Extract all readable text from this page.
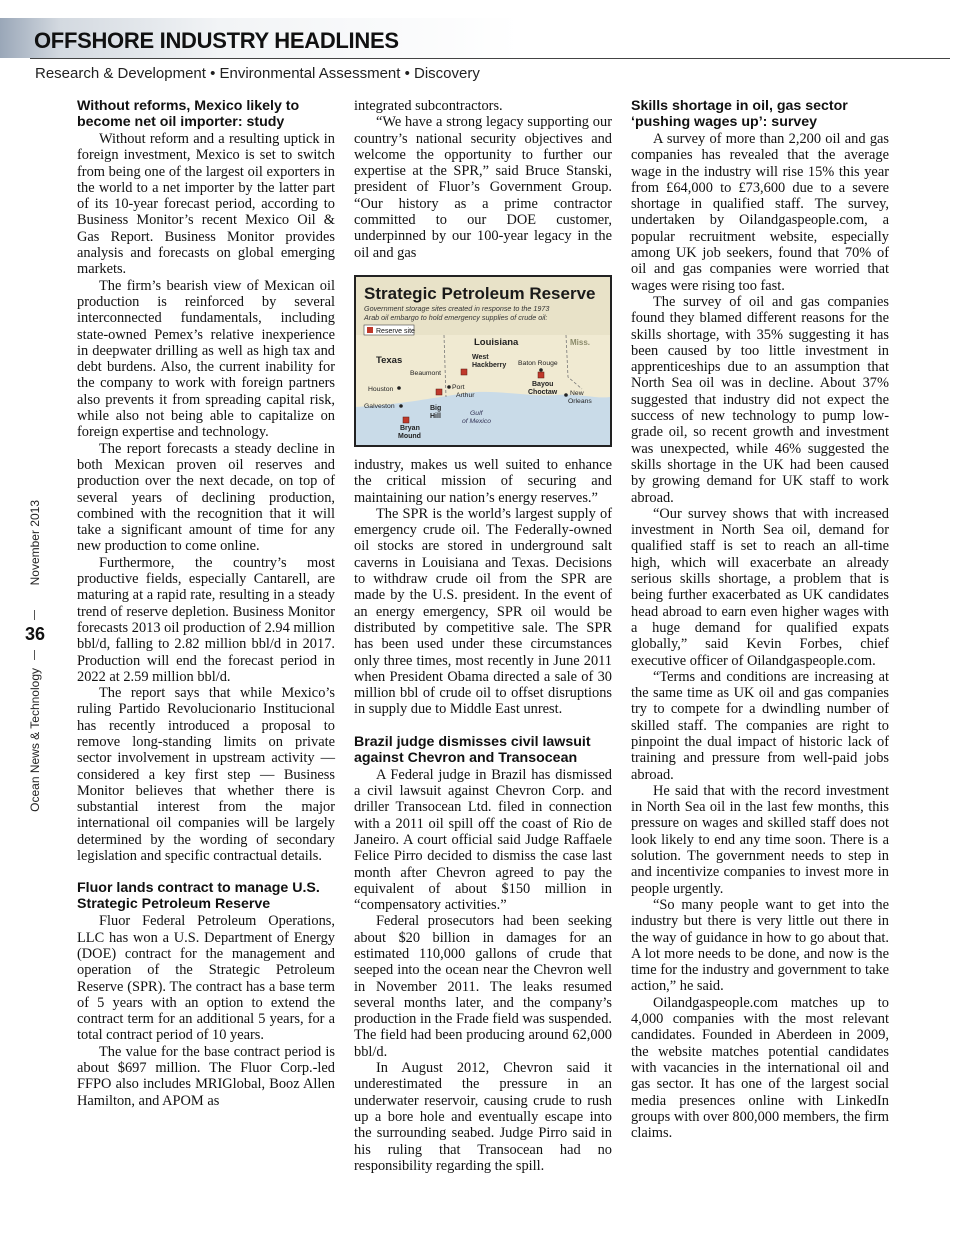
OFFSHORE INDUSTRY HEADLINES
Research & Development • Environmental Assessment • Discovery
November 2013
36
Ocean News & Technology
Without reforms, Mexico likely to become net oil importer: study

Without reform and a resulting uptick in foreign investment, Mexico is set to switch from being one of the largest oil exporters in the world to a net importer by the latter part of its 10-year forecast period, according to Business Monitor’s recent Mexico Oil & Gas Report. Business Monitor provides analysis and forecasts on global emerging markets.

The firm’s bearish view of Mexican oil production is reinforced by several interconnected fundamentals, including state-owned Pemex’s relative inexperience in deepwater drilling as well as high tax and debt burdens. Also, the current inability for the company to work with foreign partners also prevents it from spreading capital risk, while also not being able to capitalize on foreign expertise and technology.

The report forecasts a steady decline in both Mexican proven oil reserves and production over the next decade, on top of several years of declining production, combined with the recognition that it will take a significant amount of time for any new production to come online.

Furthermore, the country’s most productive fields, especially Cantarell, are maturing at a rapid rate, resulting in a steady trend of reserve depletion. Business Monitor forecasts 2013 oil production of 2.94 million bbl/d, falling to 2.82 million bbl/d in 2017. Production will end the forecast period in 2022 at 2.59 million bbl/d.

The report says that while Mexico’s ruling Partido Revolucionario Institucional has recently introduced a proposal to remove long-standing limits on private sector involvement in upstream activity — considered a key first step — Business Monitor believes that whether there is substantial interest from the major international oil companies will be largely determined by the wording of secondary legislation and specific contractual details.

Fluor lands contract to manage U.S. Strategic Petroleum Reserve

Fluor Federal Petroleum Operations, LLC has won a U.S. Department of Energy (DOE) contract for the management and operation of the Strategic Petroleum Reserve (SPR). The contract has a base term of 5 years with an option to extend the contract term for an additional 5 years, for a total contract period of 10 years.

The value for the base contract period is about $697 million. The Fluor Corp.-led FFPO also includes MRIGlobal, Booz Allen Hamilton, and APOM as

integrated subcontractors.

“We have a strong legacy supporting our country’s national security objectives and welcome the opportunity to further our expertise at the SPR,” said Bruce Stanski, president of Fluor’s Government Group. “Our history as a prime contractor committed to our DOE customer, underpinned by our 100-year legacy in the oil and gas

Strategic Petroleum Reserve
Government storage sites created in response to the 1973
Arab oil embargo to hold emergency supplies of crude oil:
Reserve site
Louisiana	Miss.
Texas
Beaumont
West
Hackberry Baton Rouge
Houston	Port
Arthur
Bayou
Choctaw New
Orleans
Galveston	Big
Hill	Gulf
of Mexico
Bryan
Mound

industry, makes us well suited to enhance the critical mission of securing and maintaining our nation’s energy reserves.”

The SPR is the world’s largest supply of emergency crude oil. The Federally-owned oil stocks are stored in underground salt caverns in Louisiana and Texas. Decisions to withdraw crude oil from the SPR are made by the U.S. president. In the event of an energy emergency, SPR oil would be distributed by competitive sale. The SPR has been used under these circumstances only three times, most recently in June 2011 when President Obama directed a sale of 30 million bbl of crude oil to offset disruptions in supply due to Middle East unrest.

Brazil judge dismisses civil lawsuit against Chevron and Transocean

A Federal judge in Brazil has dismissed a civil lawsuit against Chevron Corp. and driller Transocean Ltd. filed in connection with a 2011 oil spill off the coast of Rio de Janeiro. A court official said Judge Raffaele Felice Pirro decided to dismiss the case last month after Chevron agreed to pay the equivalent of about $150 million in “compensatory activities.”

Federal prosecutors had been seeking about $20 billion in damages for an estimated 110,000 gallons of crude that seeped into the ocean near the Chevron well in November 2011. The leaks resumed several months later, and the company’s production in the Frade field was suspended. The field had been producing around 62,000 bbl/d.

In August 2012, Chevron said it underestimated the pressure in an underwater reservoir, causing crude to rush up a bore hole and eventually escape into the surrounding seabed. Judge Pirro said in his ruling that Transocean had no responsibility regarding the spill.

Skills shortage in oil, gas sector ‘pushing wages up’: survey

A survey of more than 2,200 oil and gas companies has revealed that the average wage in the industry will rise 15% this year from £64,000 to £73,600 due to a severe shortage in qualified staff. The survey, undertaken by Oilandgaspeople.com, a popular recruitment website, especially among UK job seekers, found that 70% of oil and gas companies were worried that wages were rising too fast.

The survey of oil and gas companies found they blamed different reasons for the skills shortage, with 35% suggesting it has been caused by too little investment in apprenticeships due to an assumption that North Sea oil was in decline. About 37% suggested that industry did not expect the success of new technology to pump low-grade oil, so recent growth and investment was unexpected, while 46% suggested the skills shortage in the UK had been caused by growing demand for UK staff to work abroad.

“Our survey shows that with increased investment in North Sea oil, demand for qualified staff is set to reach an all-time high, which will exacerbate an already serious skills shortage, a problem that is being further exacerbated as UK candidates head abroad to earn even higher wages with a huge demand for qualified expats globally,” said Kevin Forbes, chief executive officer of Oilandgaspeople.com.

“Terms and conditions are increasing at the same time as UK oil and gas companies try to compete for a dwindling number of skilled staff. The companies are right to pinpoint the dual impact of historic lack of training and pressure from well-paid jobs abroad.

He said that with the record investment in North Sea oil in the last few months, this pressure on wages and skilled staff does not look likely to end any time soon. There is a solution. The government needs to step in and incentivize companies to invest more in people urgently.

“So many people want to get into the industry but there is very little out there in the way of guidance in how to go about that. A lot more needs to be done, and now is the time for the industry and government to take action,” he said.

Oilandgaspeople.com matches up to 4,000 companies with the most relevant candidates. Founded in Aberdeen in 2009, the website matches potential candidates with vacancies in the international oil and gas sector. It has one of the largest social media presences online with LinkedIn groups with over 800,000 members, the firm claims.
